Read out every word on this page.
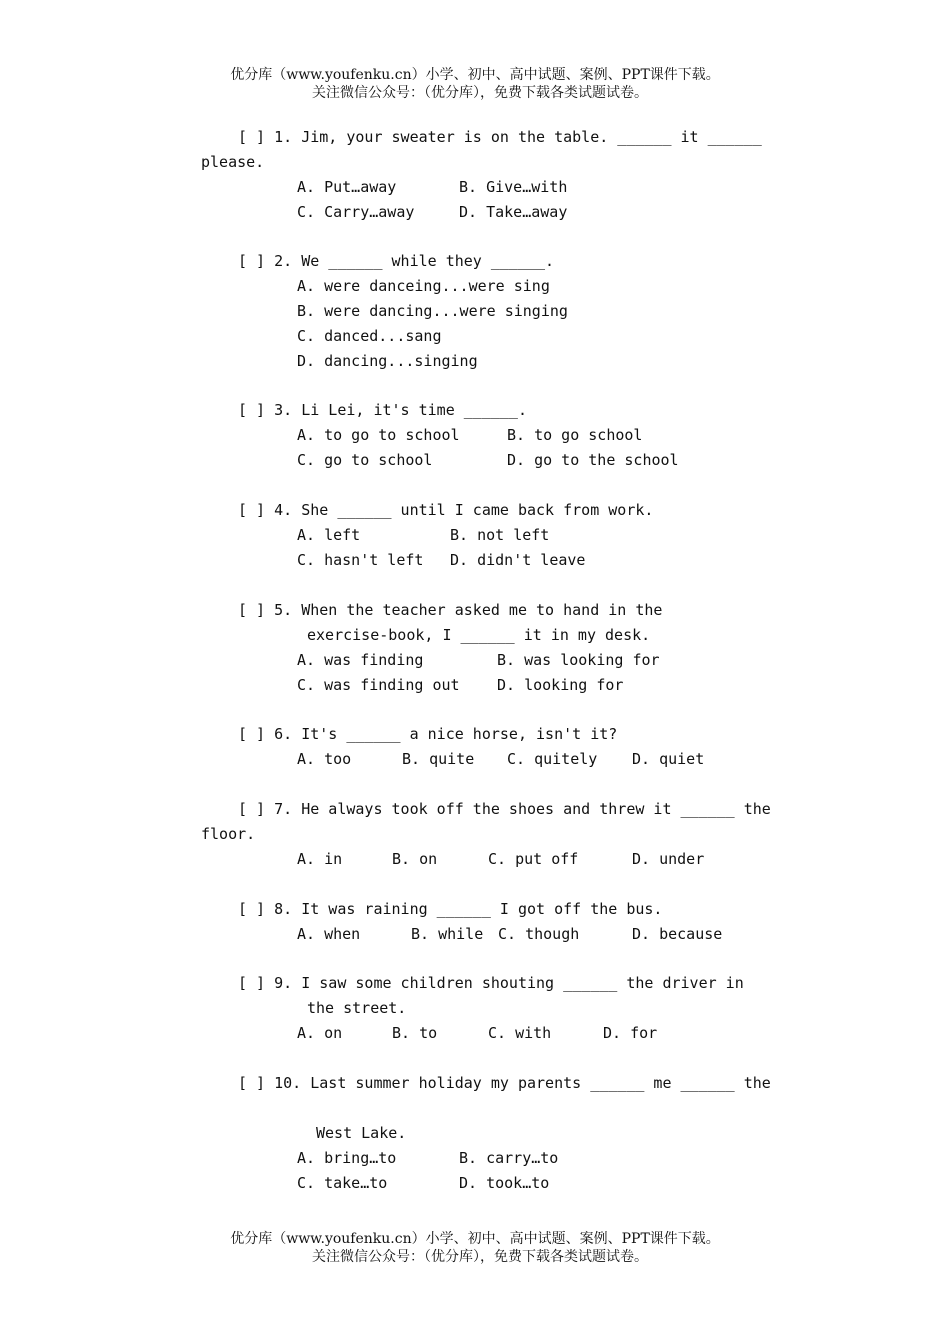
优分库（www.youfenku.cn）小学、初中、高中试题、案例、PPT课件下载。
关注微信公众号：（优分库），免费下载各类试题试卷。
[ ] 1. Jim, your sweater is on the table. ______ it ______
please.
A. Put…away	B. Give…with
C. Carry…away	D. Take…away
[ ] 2. We ______ while they ______.
A. were danceing...were sing
B. were dancing...were singing
C. danced...sang
D. dancing...singing
[ ] 3. Li Lei, it's time ______.
A. to go to school	B. to go school
C. go to school	D. go to the school
[ ] 4. She ______ until I came back from work.
A. left	B. not left
C. hasn't left D. didn't leave
[ ] 5. When the teacher asked me to hand in the
exercise-book, I ______ it in my desk.
A. was finding	B. was looking for
C. was finding out D. looking for
[ ] 6. It's ______ a nice horse, isn't it?
A. too	B. quite C. quitely D. quiet
[ ] 7. He always took off the shoes and threw it ______ the
floor.
A. in	B. on	C. put off	D. under
[ ] 8. It was raining ______ I got off the bus.
A. when	B. while C. though	D. because
[ ] 9. I saw some children shouting ______ the driver in
the street.
A. on	B. to	C. with	D. for
[ ] 10. Last summer holiday my parents ______ me ______ the
West Lake.
A. bring…to	B. carry…to
C. take…to	D. took…to
优分库（www.youfenku.cn）小学、初中、高中试题、案例、PPT课件下载。
关注微信公众号：（优分库），免费下载各类试题试卷。
